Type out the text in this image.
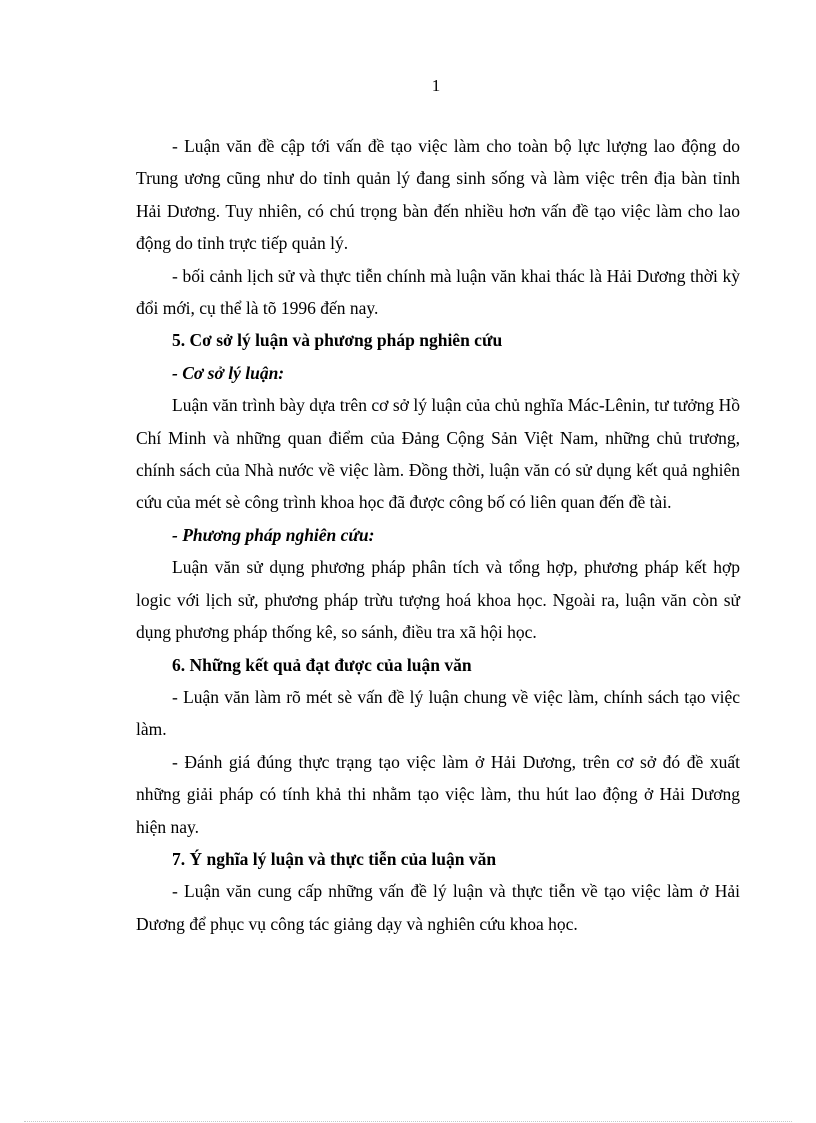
1

- Luận văn đề cập tới vấn đề tạo việc làm cho toàn bộ lực lượng lao động do Trung ương cũng như do tỉnh quản lý đang sinh sống và làm việc trên địa bàn tỉnh Hải Dương. Tuy nhiên, có chú trọng bàn đến nhiều hơn vấn đề tạo việc làm cho lao động do tỉnh trực tiếp quản lý.

- bối cảnh lịch sử và thực tiễn chính mà luận văn khai thác là Hải Dương thời kỳ đổi mới, cụ thể là tõ 1996 đến nay.

5. Cơ sở lý luận và phương pháp nghiên cứu

- Cơ sở lý luận:

Luận văn trình bày dựa trên cơ sở lý luận của chủ nghĩa Mác-Lênin, tư tưởng Hồ Chí Minh và những quan điểm của Đảng Cộng Sản Việt Nam, những chủ trương, chính sách của Nhà nước về việc làm. Đồng thời, luận văn có sử dụng kết quả nghiên cứu của mét sè công trình khoa học đã được công bố có liên quan đến đề tài.

- Phương pháp nghiên cứu:

Luận văn sử dụng phương pháp phân tích và tổng hợp, phương pháp kết hợp logic với lịch sử, phương pháp trừu tượng hoá khoa học. Ngoài ra, luận văn còn sử dụng phương pháp thống kê, so sánh, điều tra xã hội học.

6. Những kết quả đạt được của luận văn

- Luận văn làm rõ mét sè vấn đề lý luận chung về việc làm, chính sách tạo việc làm.

- Đánh giá đúng thực trạng tạo việc làm ở Hải Dương, trên cơ sở đó đề xuất những giải pháp có tính khả thi nhằm tạo việc làm, thu hút lao động ở Hải Dương hiện nay.

7. Ý nghĩa lý luận và thực tiễn của luận văn

- Luận văn cung cấp những vấn đề lý luận và thực tiễn về tạo việc làm ở Hải Dương để phục vụ công tác giảng dạy và nghiên cứu khoa học.
